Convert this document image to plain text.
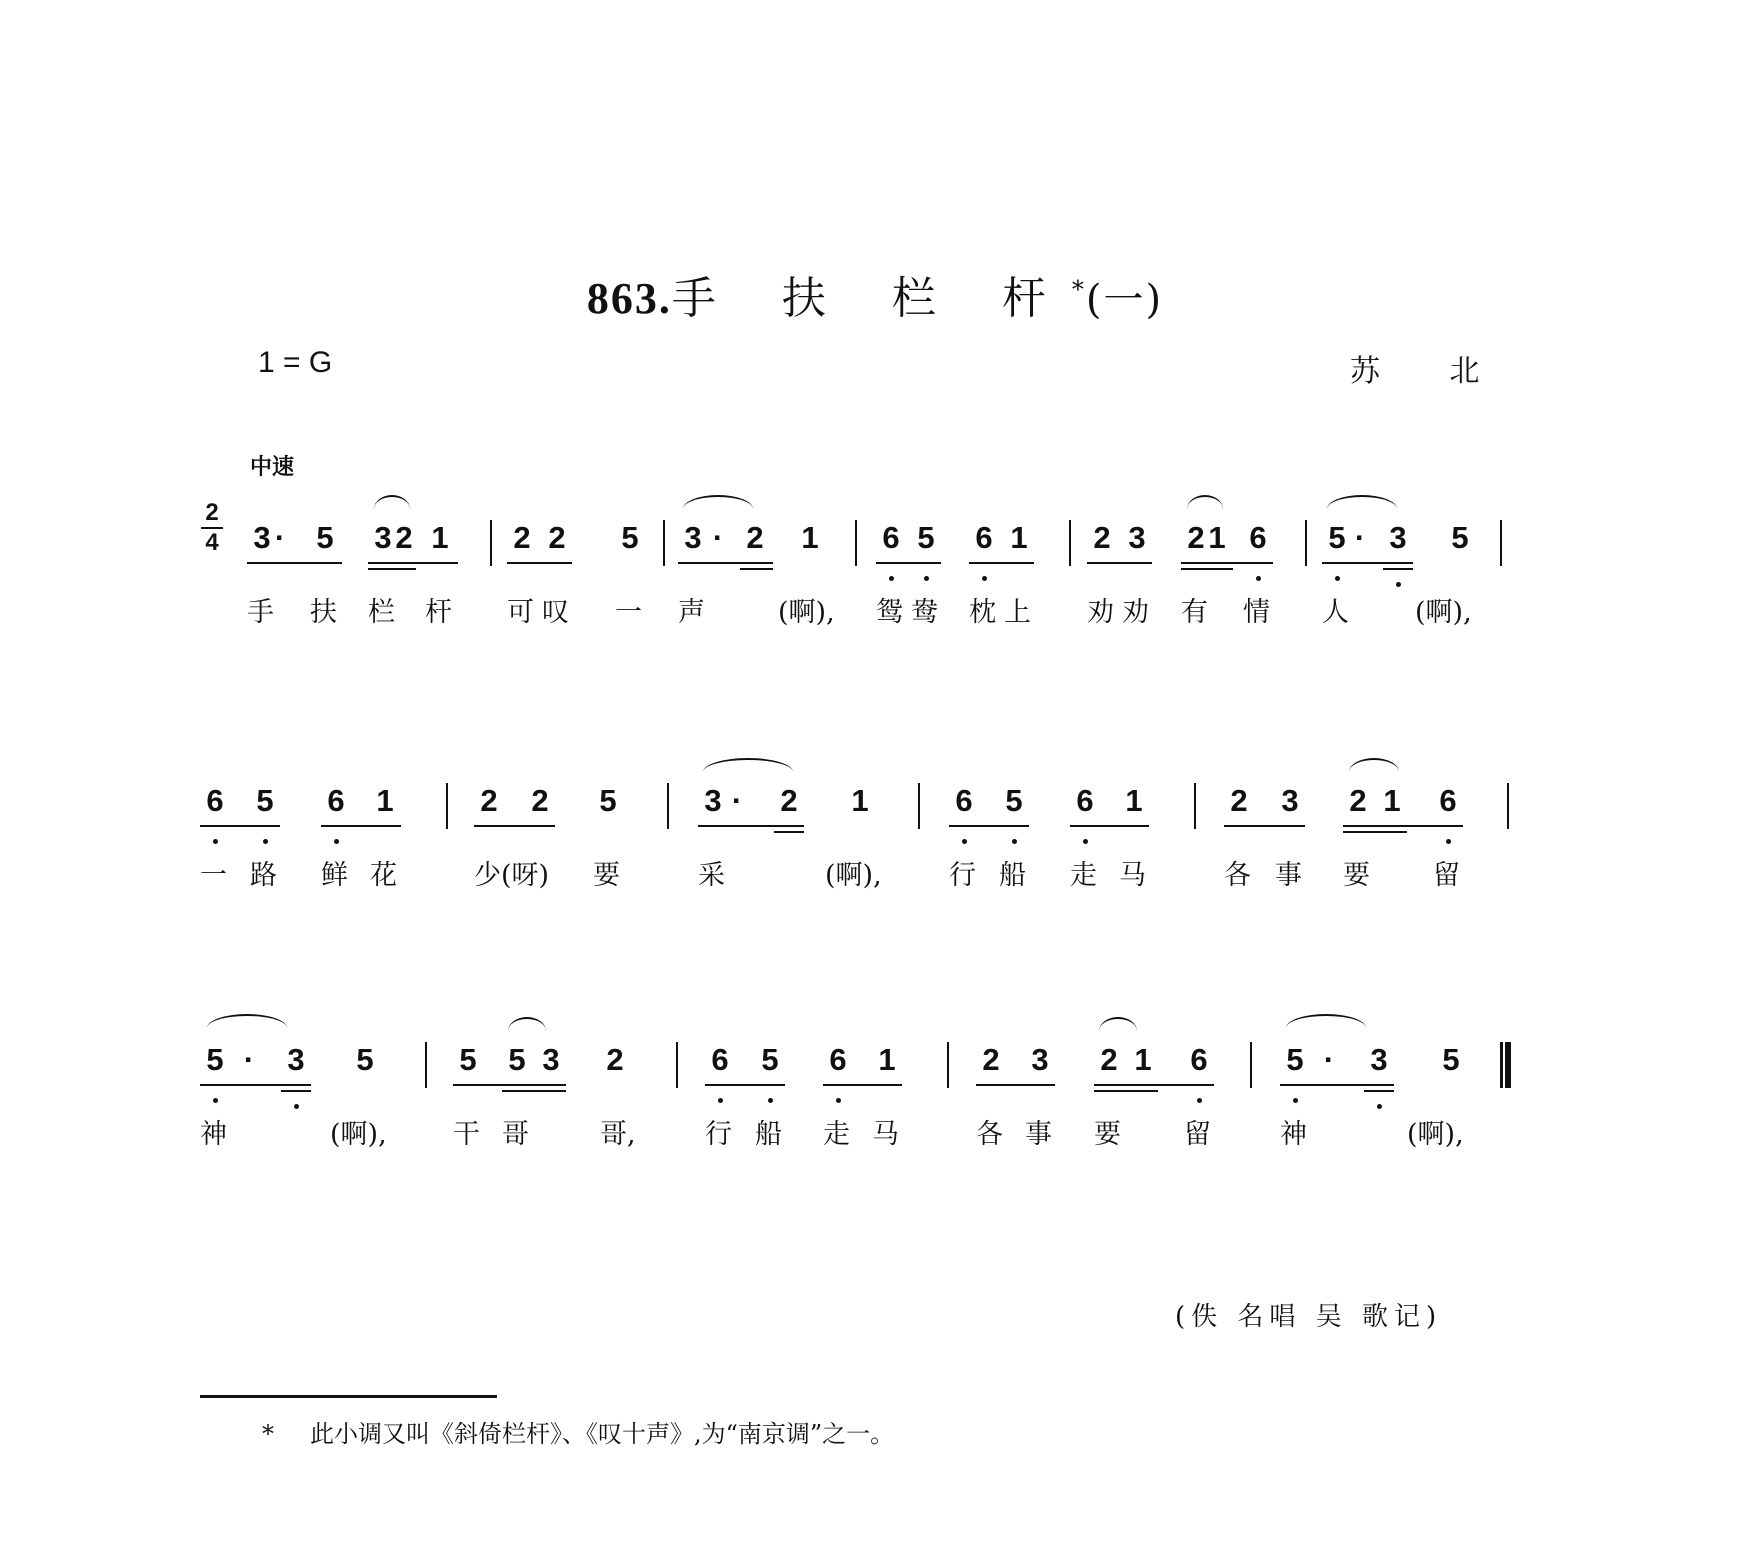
863.手 扶 栏 杆*(一)
1 = G	苏 北
中速
2
4 3 ·	5 3 2 1 2 2 5 3 · 2 1 6 5 6 1 2 3 2 1 6 5 · 3 5
手 扶 栏 杆 可 叹 一 声	(啊), 鸳 鸯 枕 上 劝 劝 有 情 人 (啊),
6 5 6 1	2 2 5	3 ·	2 1	6 5 6 1	2 3 2 1 6
一 路 鲜 花	少(呀) 要	采	(啊), 行 船 走 马	各 事 要 留
5 ·	3 5	5 5 3 2	6 5 6 1	2 3 2 1 6	5 ·	3 5
神	(啊), 干 哥	哥,	行 船 走 马	各 事 要 留	神	(啊),
(佚 名唱 吴 歌记)
* 此小调又叫《斜倚栏杆》、《叹十声》,为“南京调”之一。
